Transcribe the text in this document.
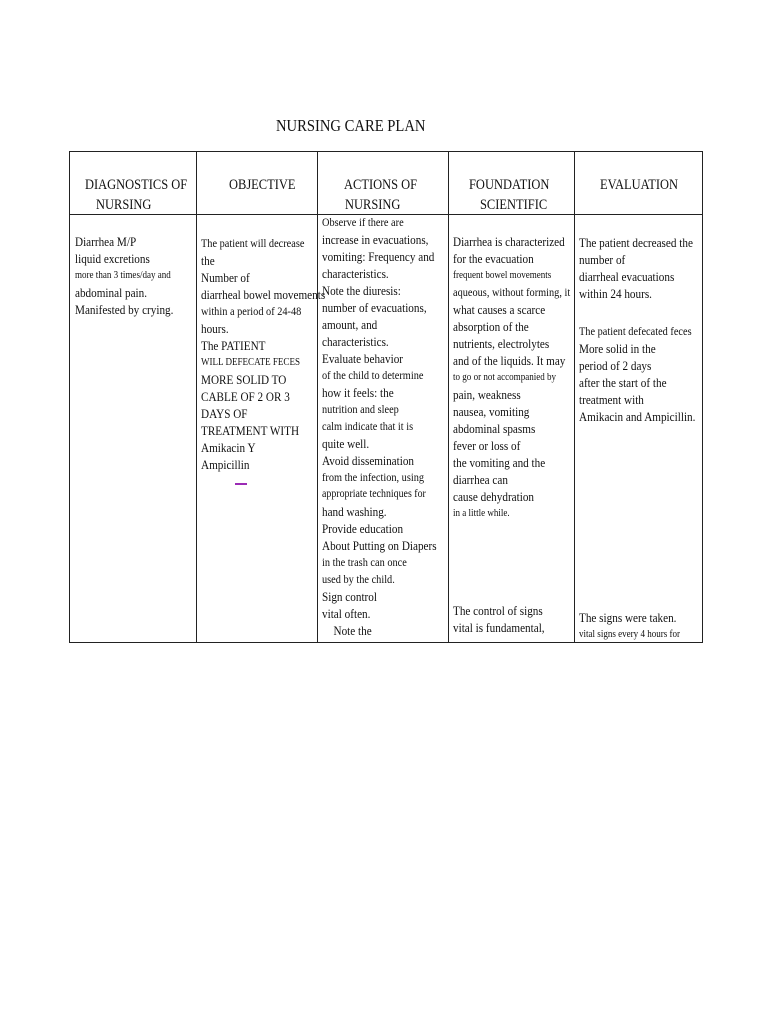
NURSING CARE PLAN
DIAGNOSTICS OF
NURSING
OBJECTIVE	ACTIONS OF
NURSING
FOUNDATION
SCIENTIFIC
EVALUATION
Diarrhea M/P
liquid excretions
more than 3 times/day and
abdominal pain.
Manifested by crying.
The patient will decrease
the
Number of
diarrheal bowel movements
within a period of 24-48
hours.
The PATIENT
WILL DEFECATE FECES
MORE SOLID TO
CABLE OF 2 OR 3
DAYS OF
TREATMENT WITH
Amikacin Y
Ampicillin
Observe if there are
increase in evacuations,
vomiting: Frequency and
characteristics.
Note the diuresis:
number of evacuations,
amount, and
characteristics.
Evaluate behavior
of the child to determine
how it feels: the
nutrition and sleep
calm indicate that it is
quite well.
Avoid dissemination
from the infection, using
appropriate techniques for
hand washing.
Provide education
About Putting on Diapers
in the trash can once
used by the child.
Sign control
vital often.
Note the
Diarrhea is characterized
for the evacuation
frequent bowel movements
aqueous, without forming, it
what causes a scarce
absorption of the
nutrients, electrolytes
and of the liquids. It may
to go or not accompanied by
pain, weakness
nausea, vomiting
abdominal spasms
fever or loss of
the vomiting and the
diarrhea can
cause dehydration
in a little while.
The control of signs
vital is fundamental,
The patient decreased the
number of
diarrheal evacuations
within 24 hours.
The patient defecated feces
More solid in the
period of 2 days
after the start of the
treatment with
Amikacin and Ampicillin.
The signs were taken.
vital signs every 4 hours for
